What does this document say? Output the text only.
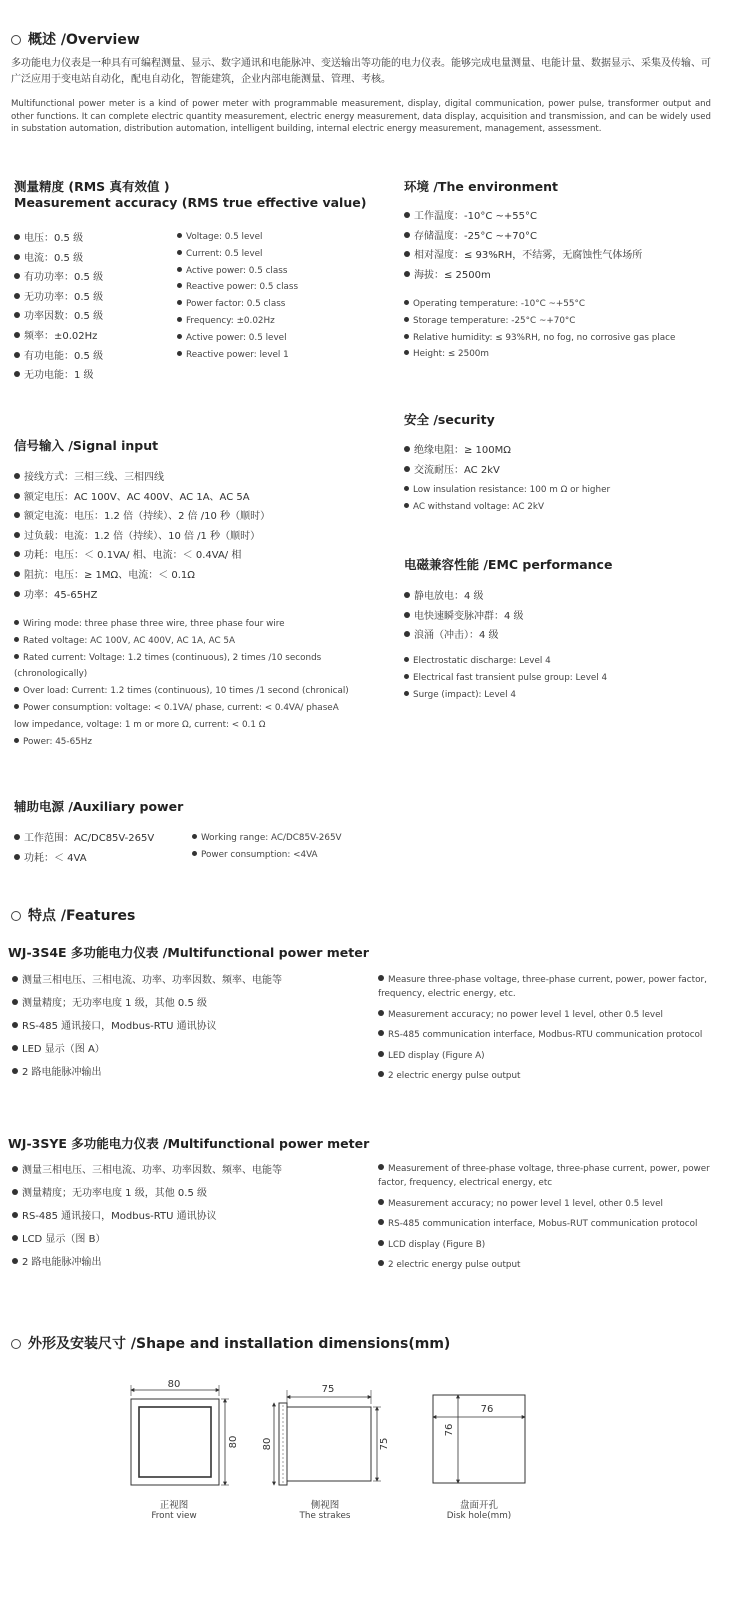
概述 /Overview
多功能电力仪表是一种具有可编程测量、显示、数字通讯和电能脉冲、变送输出等功能的电力仪表。能够完成电量测量、电能计量、数据显示、采集及传输、可广泛应用于变电站自动化，配电自动化，智能建筑，企业内部电能测量、管理、考核。
Multifunctional power meter is a kind of power meter with programmable measurement, display, digital communication, power pulse, transformer output and other functions. It can complete electric quantity measurement, electric energy measurement, data display, acquisition and transmission, and can be widely used in substation automation, distribution automation, intelligent building, internal electric energy measurement, management, assessment.
测量精度 (RMS 真有效值 )
Measurement accuracy (RMS true effective value)
电压：0.5 级
电流：0.5 级
有功功率：0.5 级
无功功率：0.5 级
功率因数：0.5 级
频率：±0.02Hz
有功电能：0.5 级
无功电能：1 级
Voltage: 0.5 level
Current: 0.5 level
Active power: 0.5 class
Reactive power: 0.5 class
Power factor: 0.5 class
Frequency: ±0.02Hz
Active power: 0.5 level
Reactive power: level 1
环境 /The environment
工作温度：-10°C ~+55°C
存储温度：-25°C ~+70°C
相对湿度：≤ 93%RH，不结雾，无腐蚀性气体场所
海拔：≤ 2500m
Operating temperature: -10°C ~+55°C
Storage temperature: -25°C ~+70°C
Relative humidity: ≤ 93%RH, no fog, no corrosive gas place
Height: ≤ 2500m
安全 /security
绝缘电阻：≥ 100MΩ
交流耐压：AC 2kV
Low insulation resistance: 100 m Ω or higher
AC withstand voltage: AC 2kV
信号输入 /Signal input
接线方式：三相三线、三相四线
额定电压：AC 100V、AC 400V、AC 1A、AC 5A
额定电流：电压：1.2 倍（持续）、2 倍 /10 秒（顺时）
过负载：电流：1.2 倍（持续）、10 倍 /1 秒（顺时）
功耗：电压：＜ 0.1VA/ 相、电流：＜ 0.4VA/ 相
阻抗：电压：≥ 1MΩ、电流：＜ 0.1Ω
功率：45-65HZ
Wiring mode: three phase three wire, three phase four wire
Rated voltage: AC 100V, AC 400V, AC 1A, AC 5A
Rated current: Voltage: 1.2 times (continuous), 2 times /10 seconds (chronologically)
Over load: Current: 1.2 times (continuous), 10 times /1 second (chronical)
Power consumption: voltage: < 0.1VA/ phase, current: < 0.4VA/ phaseA low impedance, voltage: 1 m or more Ω, current: < 0.1 Ω
Power: 45-65Hz
电磁兼容性能 /EMC performance
静电放电：4 级
电快速瞬变脉冲群：4 级
浪涌（冲击）：4 级
Electrostatic discharge: Level 4
Electrical fast transient pulse group: Level 4
Surge (impact): Level 4
辅助电源 /Auxiliary power
工作范围：AC/DC85V-265V
功耗：＜ 4VA
Working range: AC/DC85V-265V
Power consumption: <4VA
特点 /Features
WJ-3S4E 多功能电力仪表 /Multifunctional power meter
测量三相电压、三相电流、功率、功率因数、频率、电能等
测量精度；无功率电度 1 级，其他 0.5 级
RS-485 通讯接口，Modbus-RTU 通讯协议
LED 显示（图 A）
2 路电能脉冲输出
Measure three-phase voltage, three-phase current, power, power factor, frequency, electric energy, etc.
Measurement accuracy; no power level 1 level, other 0.5 level
RS-485 communication interface, Modbus-RTU communication protocol
LED display (Figure A)
2 electric energy pulse output
WJ-3SYE 多功能电力仪表 /Multifunctional power meter
测量三相电压、三相电流、功率、功率因数、频率、电能等
测量精度；无功率电度 1 级，其他 0.5 级
RS-485 通讯接口，Modbus-RTU 通讯协议
LCD 显示（图 B）
2 路电能脉冲输出
Measurement of three-phase voltage, three-phase current, power, power factor, frequency, electrical energy, etc
Measurement accuracy; no power level 1 level, other 0.5 level
RS-485 communication interface, Mobus-RUT communication protocol
LCD display (Figure B)
2 electric energy pulse output
外形及安装尺寸 /Shape and installation dimensions(mm)
80
80
75
80	75
76
76
正视图
Front view
侧视图
The strakes
盘面开孔
Disk hole(mm)
